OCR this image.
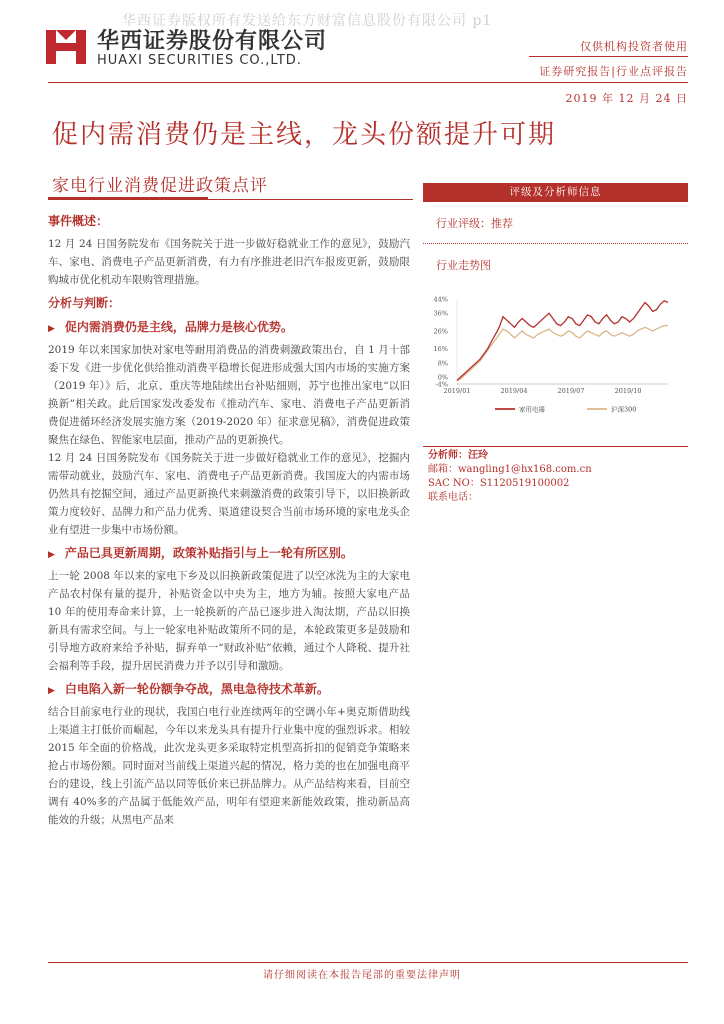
华西证券版权所有发送给东方财富信息股份有限公司 p1
华西证券股份有限公司
HUAXI SECURITIES CO.,LTD.
仅供机构投资者使用
证券研究报告|行业点评报告
2019 年 12 月 24 日
促内需消费仍是主线，龙头份额提升可期
家电行业消费促进政策点评
事件概述：

12 月 24 日国务院发布《国务院关于进一步做好稳就业工作的意见》，鼓励汽车、家电、消费电子产品更新消费，有力有序推进老旧汽车报废更新，鼓励限购城市优化机动车限购管理措施。

分析与判断：
▶ 促内需消费仍是主线，品牌力是核心优势。

2019 年以来国家加快对家电等耐用消费品的消费刺激政策出台，自 1 月十部委下发《进一步优化供给推动消费平稳增长促进形成强大国内市场的实施方案（2019 年）》后，北京、重庆等地陆续出台补贴细则，苏宁也推出家电“以旧换新”相关政。此后国家发改委发布《推动汽车、家电、消费电子产品更新消费促进循环经济发展实施方案（2019-2020 年）征求意见稿》，消费促进政策聚焦在绿色、智能家电层面，推动产品的更新换代。

12 月 24 日国务院发布《国务院关于进一步做好稳就业工作的意见》，挖掘内需带动就业，鼓励汽车、家电、消费电子产品更新消费。我国庞大的内需市场仍然具有挖掘空间，通过产品更新换代来刺激消费的政策引导下，以旧换新政策力度较好、品牌力和产品力优秀、渠道建设契合当前市场环境的家电龙头企业有望进一步集中市场份额。

▶ 产品已具更新周期，政策补贴指引与上一轮有所区别。

上一轮 2008 年以来的家电下乡及以旧换新政策促进了以空冰洗为主的大家电产品农村保有量的提升，补贴资金以中央为主，地方为辅。按照大家电产品 10 年的使用寿命来计算，上一轮换新的产品已逐步进入淘汰期，产品以旧换新具有需求空间。与上一轮家电补贴政策所不同的是，本轮政策更多是鼓励和引导地方政府来给予补贴，摒弃单一“财政补贴”依赖，通过个人降税、提升社会福利等手段，提升居民消费力并予以引导和激励。

▶ 白电陷入新一轮份额争夺战，黑电急待技术革新。

结合目前家电行业的现状，我国白电行业连续两年的空调小年+奥克斯借助线上渠道主打低价而崛起，今年以来龙头具有提升行业集中度的强烈诉求。相较 2015 年全面的价格战，此次龙头更多采取特定机型高折扣的促销竞争策略来抢占市场份额。同时面对当前线上渠道兴起的情况，格力美的也在加强电商平台的建设，线上引流产品以同等低价来已拼品牌力。从产品结构来看，目前空调有 40%多的产品属于低能效产品，明年有望迎来新能效政策，推动新品高能效的升级；从黑电产品来

评级及分析师信息
行业评级：推荐
行业走势图
-4%
0%
8%
16%
26%
36%
44%
2019/01	2019/04	2019/07	2019/10
家用电器	沪深300
分析师：汪玲
邮箱：wangling1@hx168.com.cn
SAC NO：S1120519100002
联系电话：
请仔细阅读在本报告尾部的重要法律声明
